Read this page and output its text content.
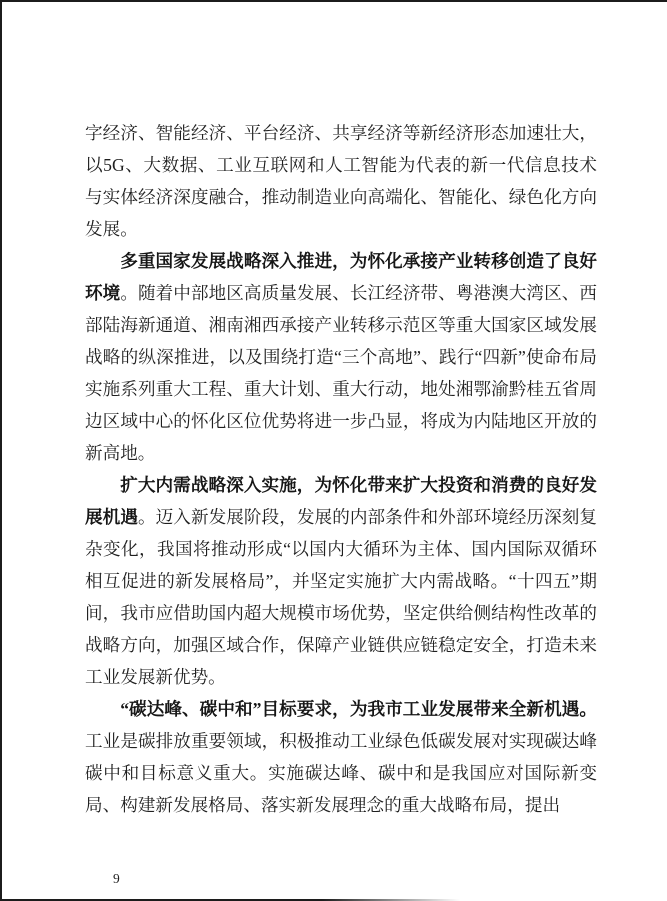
字经济、智能经济、平台经济、共享经济等新经济形态加速壮大，以5G、大数据、工业互联网和人工智能为代表的新一代信息技术与实体经济深度融合，推动制造业向高端化、智能化、绿色化方向发展。

多重国家发展战略深入推进，为怀化承接产业转移创造了良好环境。随着中部地区高质量发展、长江经济带、粤港澳大湾区、西部陆海新通道、湘南湘西承接产业转移示范区等重大国家区域发展战略的纵深推进，以及围绕打造“三个高地”、践行“四新”使命布局实施系列重大工程、重大计划、重大行动，地处湘鄂渝黔桂五省周边区域中心的怀化区位优势将进一步凸显，将成为内陆地区开放的新高地。

扩大内需战略深入实施，为怀化带来扩大投资和消费的良好发展机遇。迈入新发展阶段，发展的内部条件和外部环境经历深刻复杂变化，我国将推动形成“以国内大循环为主体、国内国际双循环相互促进的新发展格局”，并坚定实施扩大内需战略。“十四五”期间，我市应借助国内超大规模市场优势，坚定供给侧结构性改革的战略方向，加强区域合作，保障产业链供应链稳定安全，打造未来工业发展新优势。

“碳达峰、碳中和”目标要求，为我市工业发展带来全新机遇。工业是碳排放重要领域，积极推动工业绿色低碳发展对实现碳达峰碳中和目标意义重大。实施碳达峰、碳中和是我国应对国际新变局、构建新发展格局、落实新发展理念的重大战略布局，提出

9
